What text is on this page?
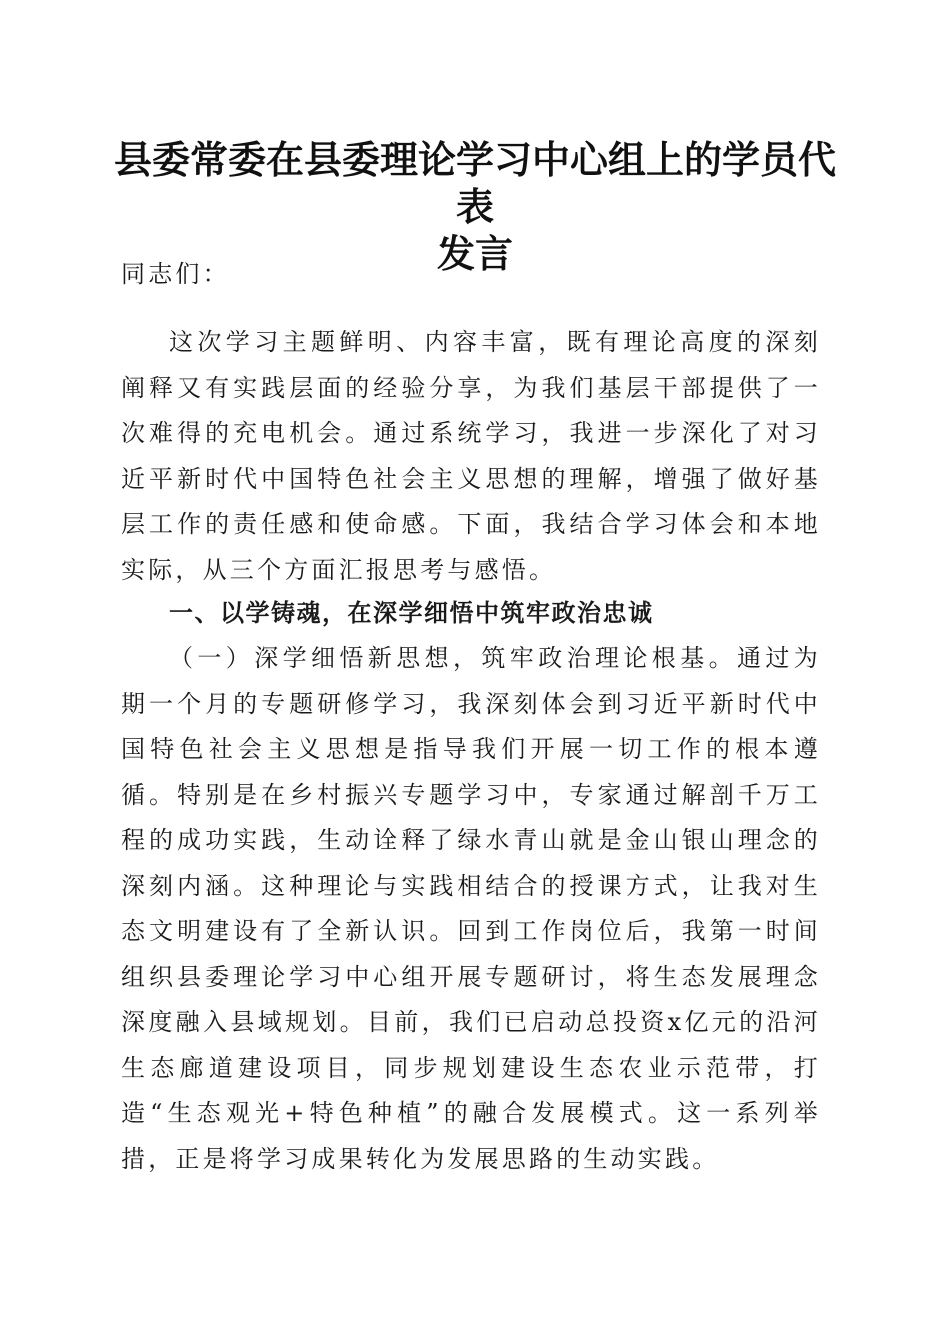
县委常委在县委理论学习中心组上的学员代表
发言

同志们：

这次学习主题鲜明、内容丰富，既有理论高度的深刻阐释又有实践层面的经验分享，为我们基层干部提供了一次难得的充电机会。通过系统学习，我进一步深化了对习近平新时代中国特色社会主义思想的理解，增强了做好基层工作的责任感和使命感。下面，我结合学习体会和本地实际，从三个方面汇报思考与感悟。

一、以学铸魂，在深学细悟中筑牢政治忠诚

（一）深学细悟新思想，筑牢政治理论根基。通过为期一个月的专题研修学习，我深刻体会到习近平新时代中国特色社会主义思想是指导我们开展一切工作的根本遵循。特别是在乡村振兴专题学习中，专家通过解剖千万工程的成功实践，生动诠释了绿水青山就是金山银山理念的深刻内涵。这种理论与实践相结合的授课方式，让我对生态文明建设有了全新认识。回到工作岗位后，我第一时间组织县委理论学习中心组开展专题研讨，将生态发展理念深度融入县域规划。目前，我们已启动总投资x亿元的沿河生态廊道建设项目，同步规划建设生态农业示范带，打造“生态观光+特色种植”的融合发展模式。这一系列举措，正是将学习成果转化为发展思路的生动实践。
